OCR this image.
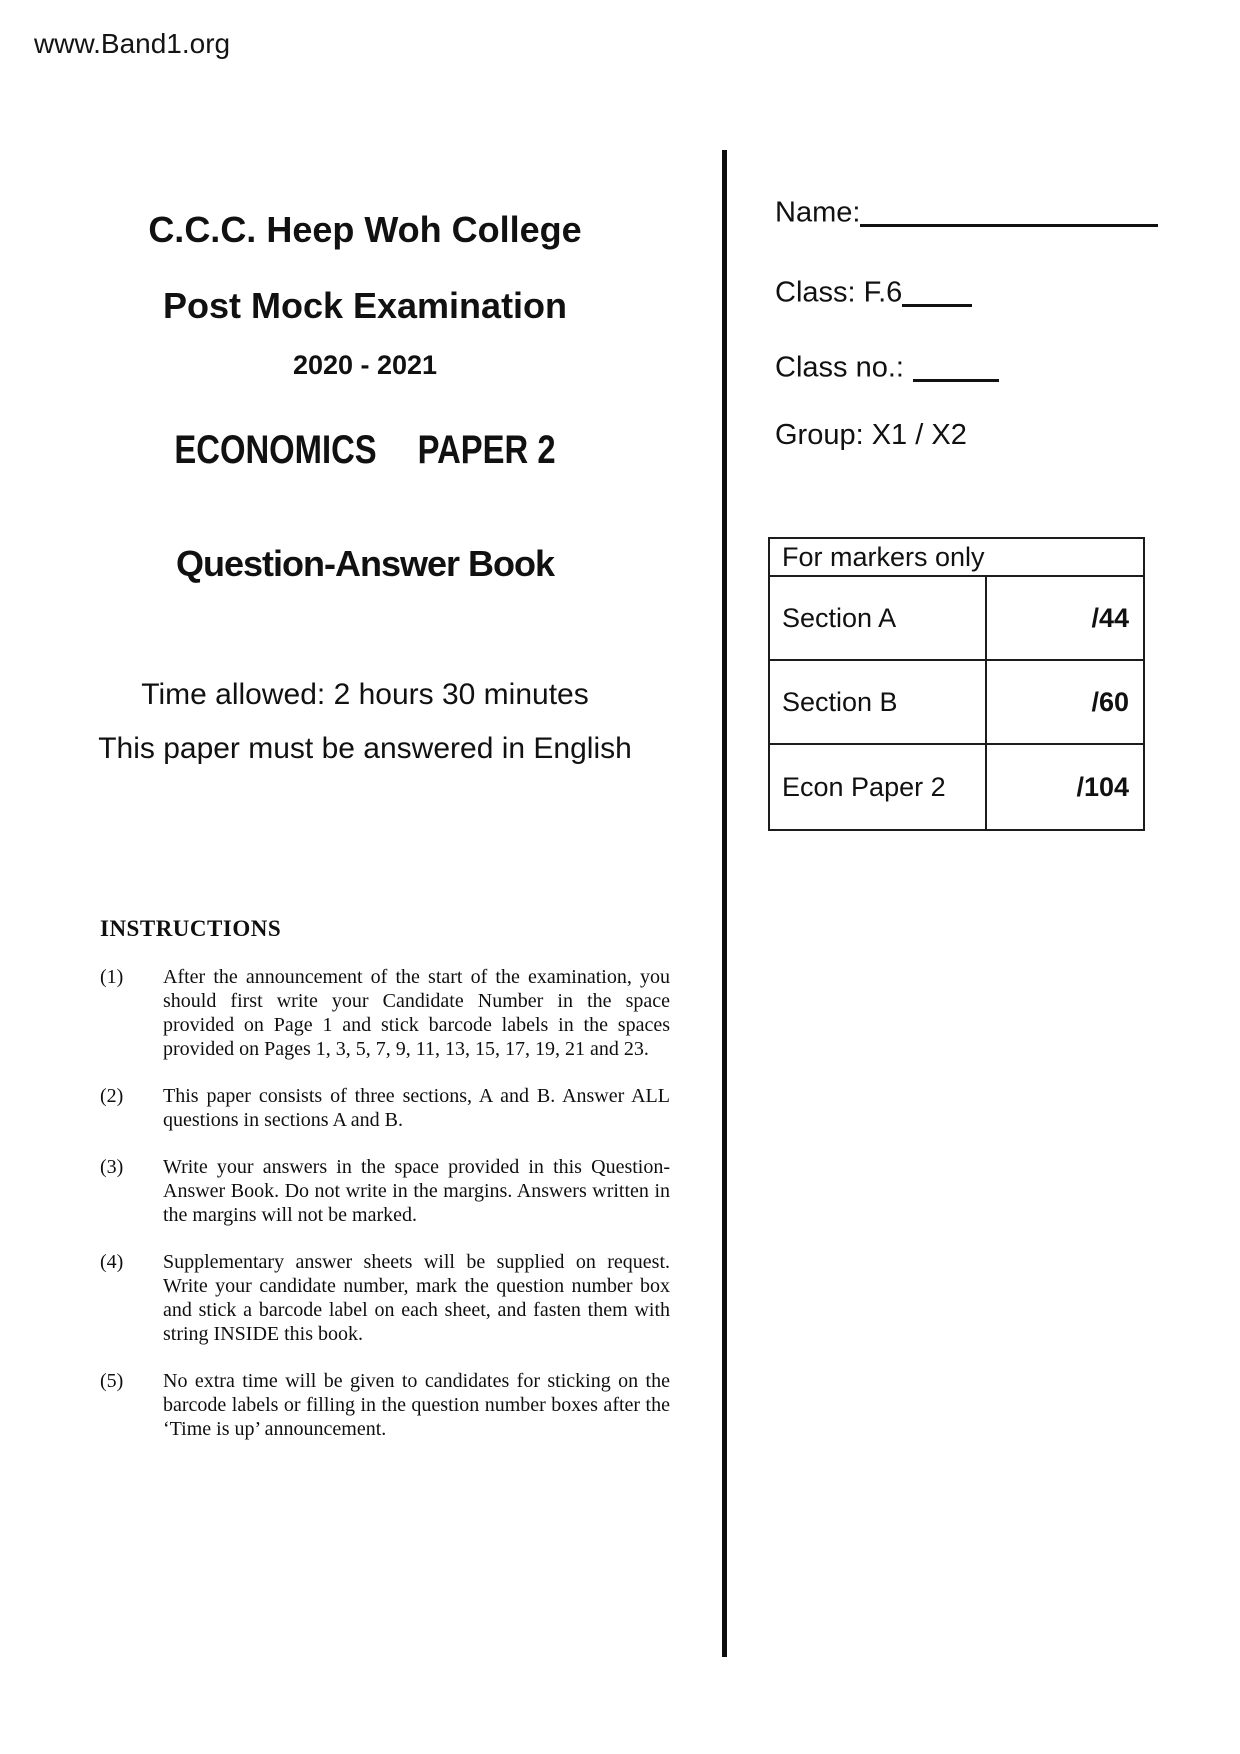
www.Band1.org
C.C.C. Heep Woh College
Post Mock Examination
2020 - 2021
ECONOMICS PAPER 2
Question-Answer Book
Time allowed: 2 hours 30 minutes
This paper must be answered in English
Name:
Class: F.6
Class no.:
Group: X1 / X2
For markers only
Section A	/44
Section B	/60
Econ Paper 2	/104
INSTRUCTIONS
(1)	After the announcement of the start of the examination, you should first write your Candidate Number in the space provided on Page 1 and stick barcode labels in the spaces provided on Pages 1, 3, 5, 7, 9, 11, 13, 15, 17, 19, 21 and 23.
(2)	This paper consists of three sections, A and B. Answer ALL questions in sections A and B.
(3)	Write your answers in the space provided in this Question-Answer Book. Do not write in the margins. Answers written in the margins will not be marked.
(4)	Supplementary answer sheets will be supplied on request. Write your candidate number, mark the question number box and stick a barcode label on each sheet, and fasten them with string INSIDE this book.
(5)	No extra time will be given to candidates for sticking on the barcode labels or filling in the question number boxes after the ‘Time is up’ announcement.
